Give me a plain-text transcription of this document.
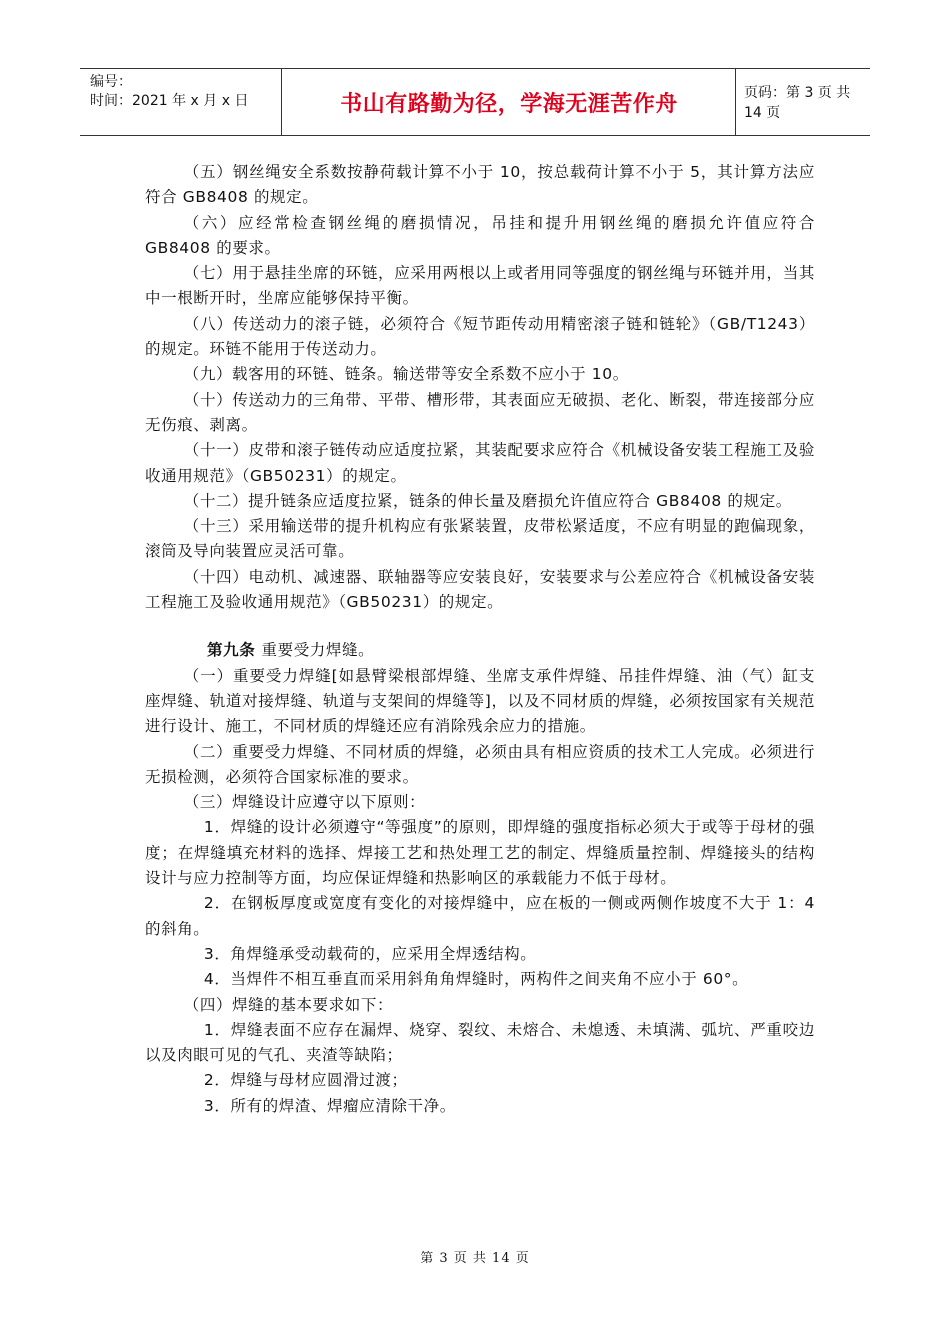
编号：
时间：2021 年 x 月 x 日	书山有路勤为径，学海无涯苦作舟	页码：第 3 页 共 14 页

（五）钢丝绳安全系数按静荷载计算不小于 10，按总载荷计算不小于 5，其计算方法应符合 GB8408 的规定。

（六）应经常检查钢丝绳的磨损情况，吊挂和提升用钢丝绳的磨损允许值应符合 GB8408 的要求。

（七）用于悬挂坐席的环链，应采用两根以上或者用同等强度的钢丝绳与环链并用，当其中一根断开时，坐席应能够保持平衡。

（八）传送动力的滚子链，必须符合《短节距传动用精密滚子链和链轮》（GB/T1243）的规定。环链不能用于传送动力。

（九）载客用的环链、链条。输送带等安全系数不应小于 10。

（十）传送动力的三角带、平带、槽形带，其表面应无破损、老化、断裂，带连接部分应无伤痕、剥离。

（十一）皮带和滚子链传动应适度拉紧，其装配要求应符合《机械设备安装工程施工及验收通用规范》（GB50231）的规定。

（十二）提升链条应适度拉紧，链条的伸长量及磨损允许值应符合 GB8408 的规定。

（十三）采用输送带的提升机构应有张紧装置，皮带松紧适度，不应有明显的跑偏现象，滚筒及导向装置应灵活可靠。

（十四）电动机、减速器、联轴器等应安装良好，安装要求与公差应符合《机械设备安装工程施工及验收通用规范》（GB50231）的规定。

第九条 重要受力焊缝。

（一）重要受力焊缝[如悬臂梁根部焊缝、坐席支承件焊缝、吊挂件焊缝、油（气）缸支座焊缝、轨道对接焊缝、轨道与支架间的焊缝等]，以及不同材质的焊缝，必须按国家有关规范进行设计、施工，不同材质的焊缝还应有消除残余应力的措施。

（二）重要受力焊缝、不同材质的焊缝，必须由具有相应资质的技术工人完成。必须进行无损检测，必须符合国家标准的要求。

（三）焊缝设计应遵守以下原则：

1．焊缝的设计必须遵守“等强度”的原则，即焊缝的强度指标必须大于或等于母材的强度；在焊缝填充材料的选择、焊接工艺和热处理工艺的制定、焊缝质量控制、焊缝接头的结构设计与应力控制等方面，均应保证焊缝和热影响区的承载能力不低于母材。

2．在钢板厚度或宽度有变化的对接焊缝中，应在板的一侧或两侧作坡度不大于 1：4 的斜角。

3．角焊缝承受动载荷的，应采用全焊透结构。

4．当焊件不相互垂直而采用斜角角焊缝时，两构件之间夹角不应小于 60°。

（四）焊缝的基本要求如下：

1．焊缝表面不应存在漏焊、烧穿、裂纹、未熔合、未熄透、未填满、弧坑、严重咬边以及肉眼可见的气孔、夹渣等缺陷；

2．焊缝与母材应圆滑过渡；

3．所有的焊渣、焊瘤应清除干净。

第 3 页 共 14 页
